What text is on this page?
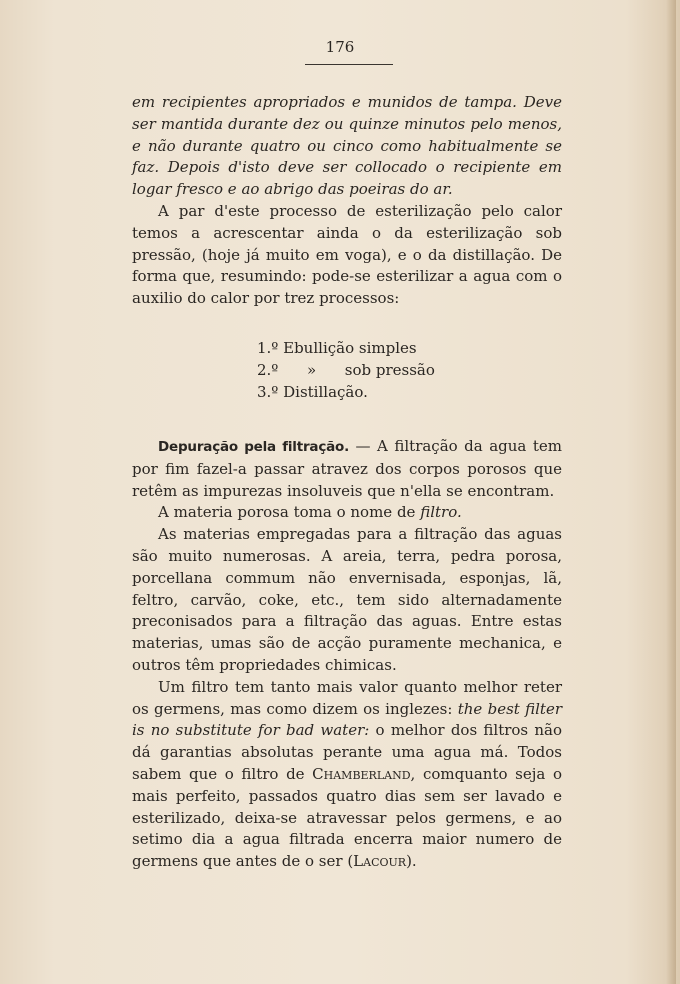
176

em recipientes apropriados e munidos de tampa. Deve ser mantida durante dez ou quinze minutos pelo menos, e não durante quatro ou cinco como habitualmente se faz. Depois d'isto deve ser collocado o recipiente em logar fresco e ao abrigo das poeiras do ar.

A par d'este processo de esterilização pelo calor temos a acrescentar ainda o da esterilização sob pressão, (hoje já muito em voga), e o da distillação. De forma que, resumindo: pode-se esterilizar a agua com o auxilio do calor por trez processos:

1.º Ebullição simples
2.º      »      sob pressão
3.º Distillação.

Depuração pela filtração. — A filtração da agua tem por fim fazel-a passar atravez dos corpos porosos que retêm as impurezas insoluveis que n'ella se encontram.

A materia porosa toma o nome de filtro.

As materias empregadas para a filtração das aguas são muito numerosas. A areia, terra, pedra porosa, porcellana commum não envernisada, esponjas, lã, feltro, carvão, coke, etc., tem sido alternadamente preconisados para a filtração das aguas. Entre estas materias, umas são de acção puramente mechanica, e outros têm propriedades chimicas.

Um filtro tem tanto mais valor quanto melhor reter os germens, mas como dizem os inglezes: the best filter is no substitute for bad water: o melhor dos filtros não dá garantias absolutas perante uma agua má. Todos sabem que o filtro de Chamberland, comquanto seja o mais perfeito, passados quatro dias sem ser lavado e esterilizado, deixa-se atravessar pelos germens, e ao setimo dia a agua filtrada encerra maior numero de germens que antes de o ser (Lacour).
